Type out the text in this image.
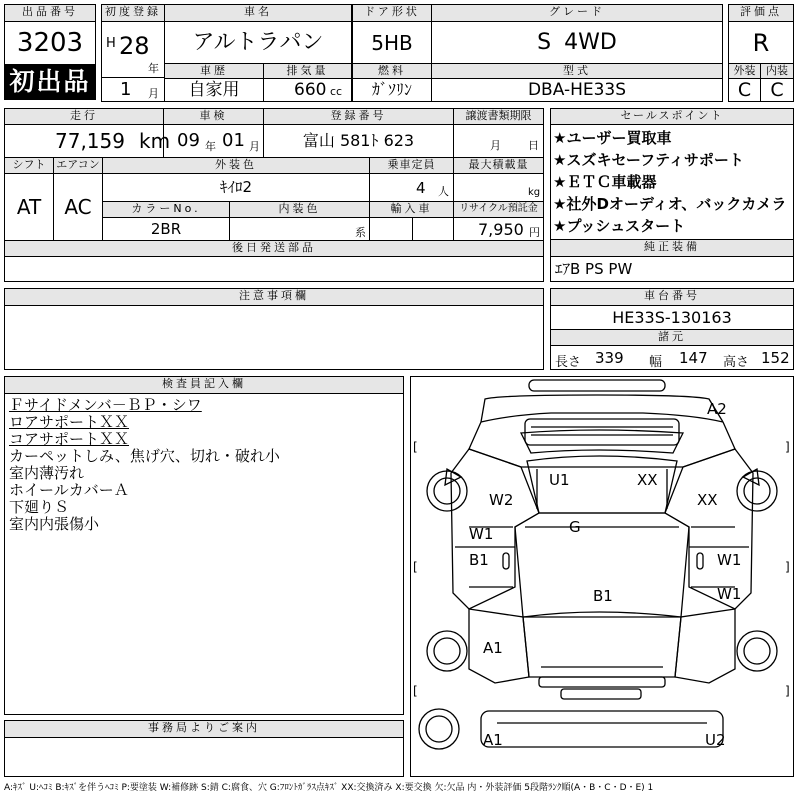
出品番号
3203
初出品
初度登録
H 28
年
1 月
車名
アルトラパン
ドア形状
5HB
グレード
S 4WD
評価点
R
車歴
自家用
排気量
660 cc
燃料
ｶﾞｿﾘﾝ
型式
DBA-HE33S
外装 内装
C	C
走行
77,159 km
車検
09 年 01 月
登録番号
富山 581ﾄ 623
譲渡書類期限
月 日
シフト
AT
エアコン
AC
外装色
ｷｲﾛ2
乗車定員
4 人
最大積載量
kg
カラーNo.
2BR
内装色
系
輸入車	リサイクル預託金
7,950 円
後日発送部品
セールスポイント
★ユーザー買取車
★スズキセーフティサポート
★ＥＴＣ車載器
★社外Dオーディオ、バックカメラ
★プッシュスタート
純正装備
ｴｱB PS PW
注意事項欄	車台番号
HE33S-130163
諸元
長さ 339 幅 147 高さ 152
検査員記入欄
Ｆサイドメンバ－ＢＰ・シワ
ロアサポートＸＸ
コアサポートＸＸ
カーペットしみ、焦げ穴、切れ・破れ小
室内薄汚れ
ホイールカバーＡ
下廻りＳ
室内内張傷小
事務局よりご案内
[	]
[	]
[	]
A2
U1	XX
W2	XX
G
W1
B1	W1
B1	W1
A1
A1	U2
A:ｷｽﾞ U:ﾍｺﾐ B:ｷｽﾞを伴うﾍｺﾐ P:要塗装 W:補修跡 S:錆 C:腐食、穴 G:ﾌﾛﾝﾄｶﾞﾗｽ点ｷｽﾞ XX:交換済み X:要交換 欠:欠品 内・外装評価 5段階ﾗﾝｸ順(A・B・C・D・E) 1
